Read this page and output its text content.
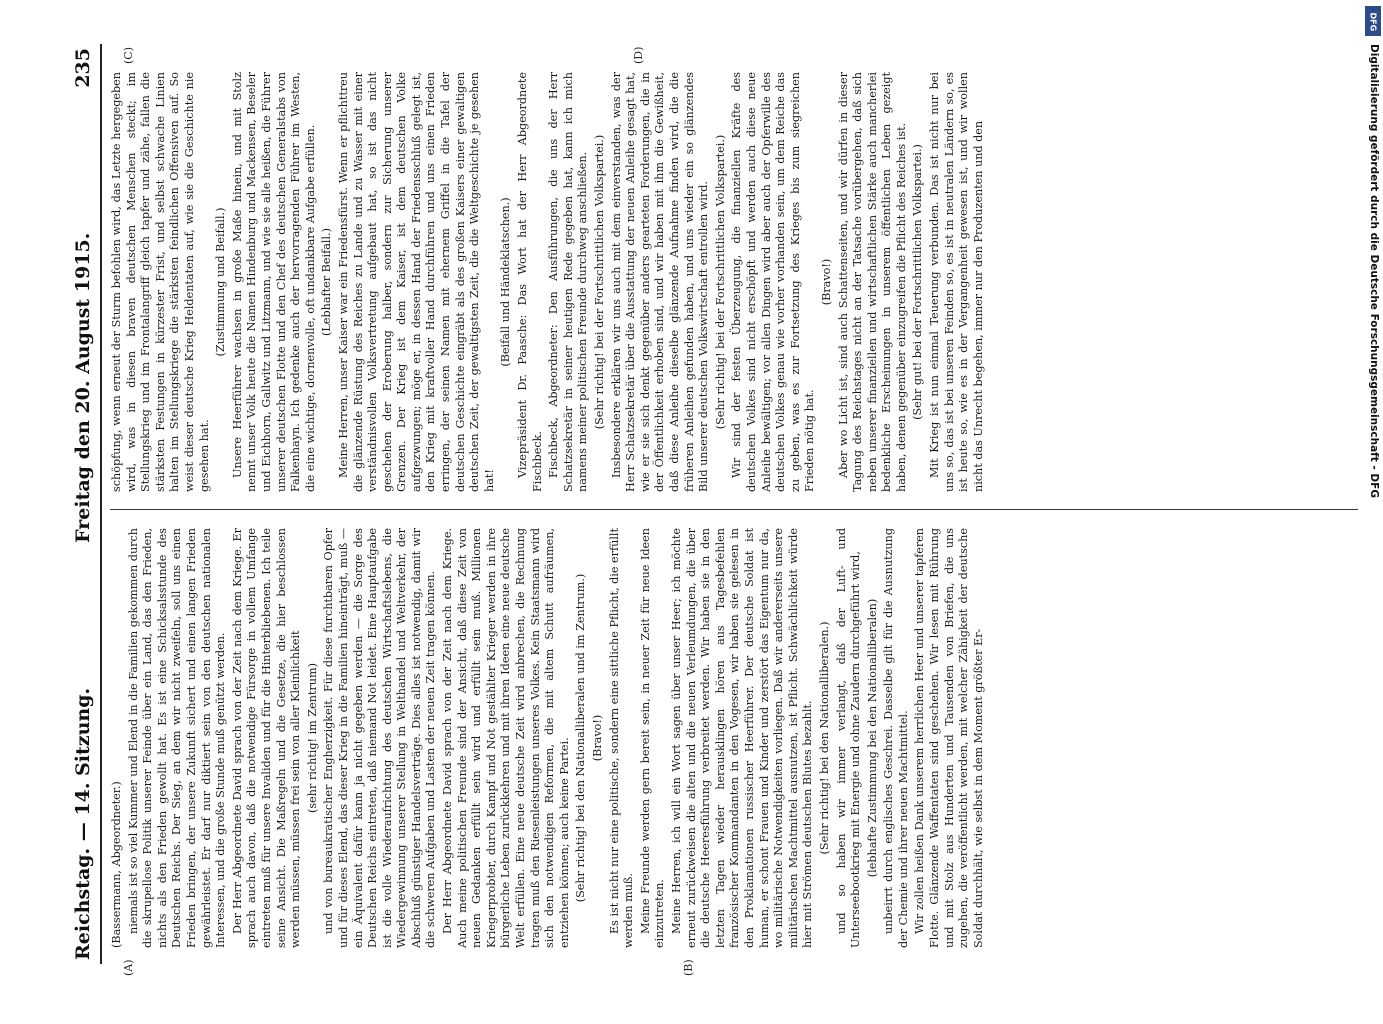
Reichstag. — 14. Sitzung.
Freitag den 20. August 1915.
235
(A)	(B)
(C)	(D)

(Bassermann, Abgeordneter.) niemals ist so viel Kummer und Elend in die Familien gekommen durch die skrupellose Politik unserer Feinde über ein Land, das den Frieden, nichts als den Frieden gewollt hat. Es ist eine Schicksalsstunde des Deutschen Reichs. Der Sieg, an dem wir nicht zweifeln, soll uns einen Frieden bringen, der unsere Zukunft sichert und einen langen Frieden gewährleistet. Er darf nur diktiert sein von den deutschen nationalen Interessen, und die große Stunde muß genützt werden. Der Herr Abgeordnete David sprach von der Zeit nach dem Kriege. Er sprach auch davon, daß die notwendige Fürsorge in vollem Umfange eintreten muß für unsere Invaliden und für die Hinterbliebenen. Ich teile seine Ansicht. Die Maßregeln und die Gesetze, die hier beschlossen werden müssen, müssen frei sein von aller Kleinlichkeit (sehr richtig! im Zentrum) und von bureaukratischer Engherzigkeit. Für diese furchtbaren Opfer und für dieses Elend, das dieser Krieg in die Familien hineinträgt, muß — ein Äquivalent dafür kann ja nicht gegeben werden — die Sorge des Deutschen Reichs eintreten, daß niemand Not leidet. Eine Hauptaufgabe ist die volle Wiederaufrichtung des deutschen Wirtschaftslebens, die Wiedergewinnung unserer Stellung in Welthandel und Weltverkehr, der Abschluß günstiger Handelsverträge. Dies alles ist notwendig, damit wir die schweren Aufgaben und Lasten der neuen Zeit tragen können. Der Herr Abgeordnete David sprach von der Zeit nach dem Kriege. Auch meine politischen Freunde sind der Ansicht, daß diese Zeit von neuen Gedanken erfüllt sein wird und erfüllt sein muß. Millionen Kriegerprobter, durch Kampf und Not gestählter Krieger werden in ihre bürgerliche Leben zurückkehren und mit ihren Ideen eine neue deutsche Welt erfüllen. Eine neue deutsche Zeit wird anbrechen, die Rechnung tragen muß den Riesenleistungen unseres Volkes. Kein Staatsmann wird sich den notwendigen Reformen, die mit altem Schutt aufräumen, entziehen können; auch keine Partei. (Sehr richtig! bei den Nationalliberalen und im Zentrum.) (Bravo!) Es ist nicht nur eine politische, sondern eine sittliche Pflicht, die erfüllt werden muß. Meine Freunde werden gern bereit sein, in neuer Zeit für neue Ideen einzutreten. Meine Herren, ich will ein Wort sagen über unser Heer; ich möchte erneut zurückweisen die alten und die neuen Verleumdungen, die über die deutsche Heeresführung verbreitet werden. Wir haben sie in den letzten Tagen wieder herausklingen hören aus Tagesbefehlen französischer Kommandanten in den Vogesen, wir haben sie gelesen in den Proklamationen russischer Heerführer. Der deutsche Soldat ist human, er schont Frauen und Kinder und zerstört das Eigentum nur da, wo militärische Notwendigkeiten vorliegen. Daß wir andererseits unsere militärischen Machtmittel ausnutzen, ist Pflicht. Schwächlichkeit würde hier mit Strömen deutschen Blutes bezahlt. (Sehr richtig! bei den Nationalliberalen.) und so haben wir immer verlangt, daß der Luft- und Unterseebootkrieg mit Energie und ohne Zaudern durchgeführt wird, (lebhafte Zustimmung bei den Nationalliberalen) unbeirrt durch englisches Geschrei. Dasselbe gilt für die Ausnutzung der Chemie und ihrer neuen Machtmittel. Wir zollen heißen Dank unserem herrlichen Heer und unserer tapferen Flotte. Glänzende Waffentaten sind geschehen. Wir lesen mit Rührung und mit Stolz aus Hunderten und Tausenden von Briefen, die uns zugehen, die veröffentlicht werden, mit welcher Zähigkeit der deutsche Soldat durchhält, wie selbst in dem Moment größter Er-

schöpfung, wenn erneut der Sturm befohlen wird, das Letzte hergegeben wird, was in diesen braven deutschen Menschen steckt; im Stellungskrieg und im Frontalangriff gleich tapfer und zähe, fallen die stärksten Festungen in kürzester Frist, und selbst schwache Linien halten im Stellungskriege die stärksten feindlichen Offensiven auf. So weist dieser deutsche Krieg Heldentaten auf, wie sie die Geschichte nie gesehen hat.

(Zustimmung und Beifall.) Unsere Heerführer wachsen in große Maße hinein, und mit Stolz nennt unser Volk heute die Namen Hindenburg und Mackensen, Beseler und Eichhorn, Gallwitz und Litzmann, und wie sie alle heißen, die Führer unserer deutschen Flotte und den Chef des deutschen Generalstabs von Falkenhayn. Ich gedenke auch der hervorragenden Führer im Westen, die eine wichtige, dornenvolle, oft undankbare Aufgabe erfüllen. (Lebhafter Beifall.) Meine Herren, unser Kaiser war ein Friedensfürst. Wenn er pflichttreu die glänzende Rüstung des Reiches zu Lande und zu Wasser mit einer verständnisvollen Volksvertretung aufgebaut hat, so ist das nicht geschehen der Eroberung halber, sondern zur Sicherung unserer Grenzen. Der Krieg ist dem Kaiser, ist dem deutschen Volke aufgezwungen; möge er, in dessen Hand der Friedensschluß gelegt ist, den Krieg mit kraftvoller Hand durchführen und uns einen Frieden erringen, der seinen Namen mit ehernem Griffel in die Tafel der deutschen Geschichte eingräbt als des großen Kaisers einer gewaltigen deutschen Zeit, der gewaltigsten Zeit, die die Weltgeschichte je gesehen hat!

(Beifall und Händeklatschen.) Vizepräsident Dr. Paasche: Das Wort hat der Herr Abgeordnete Fischbeck. Fischbeck, Abgeordneter: Den Ausführungen, die uns der Herr Schatzsekretär in seiner heutigen Rede gegeben hat, kann ich mich namens meiner politischen Freunde durchweg anschließen. (Sehr richtig! bei der Fortschrittlichen Volkspartei.) Insbesondere erklären wir uns auch mit dem einverstanden, was der Herr Schatzsekretär über die Ausstattung der neuen Anleihe gesagt hat, wie er sie sich denkt gegenüber anders gearteten Forderungen, die in der Öffentlichkeit erhoben sind, und wir haben mit ihm die Gewißheit, daß diese Anleihe dieselbe glänzende Aufnahme finden wird, die die früheren Anleihen gefunden haben, und uns wieder ein so glänzendes Bild unserer deutschen Volkswirtschaft entrollen wird. (Sehr richtig! bei der Fortschrittlichen Volkspartei.) Wir sind der festen Überzeugung, die finanziellen Kräfte des deutschen Volkes sind nicht erschöpft und werden auch diese neue Anleihe bewältigen; vor allen Dingen wird aber auch der Opferwille des deutschen Volkes genau wie vorher vorhanden sein, um dem Reiche das zu geben, was es zur Fortsetzung des Krieges bis zum siegreichen Frieden nötig hat.

(Bravo!) Aber wo Licht ist, sind auch Schattenseiten, und wir dürfen in dieser Tagung des Reichstages nicht an der Tatsache vorübergehen, daß sich neben unserer finanziellen und wirtschaftlichen Stärke auch mancherlei bedenkliche Erscheinungen in unserem öffentlichen Leben gezeigt haben, denen gegenüber einzugreifen die Pflicht des Reiches ist. (Sehr gut! bei der Fortschrittlichen Volkspartei.) Mit Krieg ist nun einmal Teuerung verbunden. Das ist nicht nur bei uns so, das ist bei unseren Feinden so, es ist in neutralen Ländern so, es ist heute so, wie es in der Vergangenheit gewesen ist, und wir wollen nicht das Unrecht begehen, immer nur den Produzenten und den

DFG
Digitalisierung gefördert durch die Deutsche Forschungsgemeinschaft - DFG
